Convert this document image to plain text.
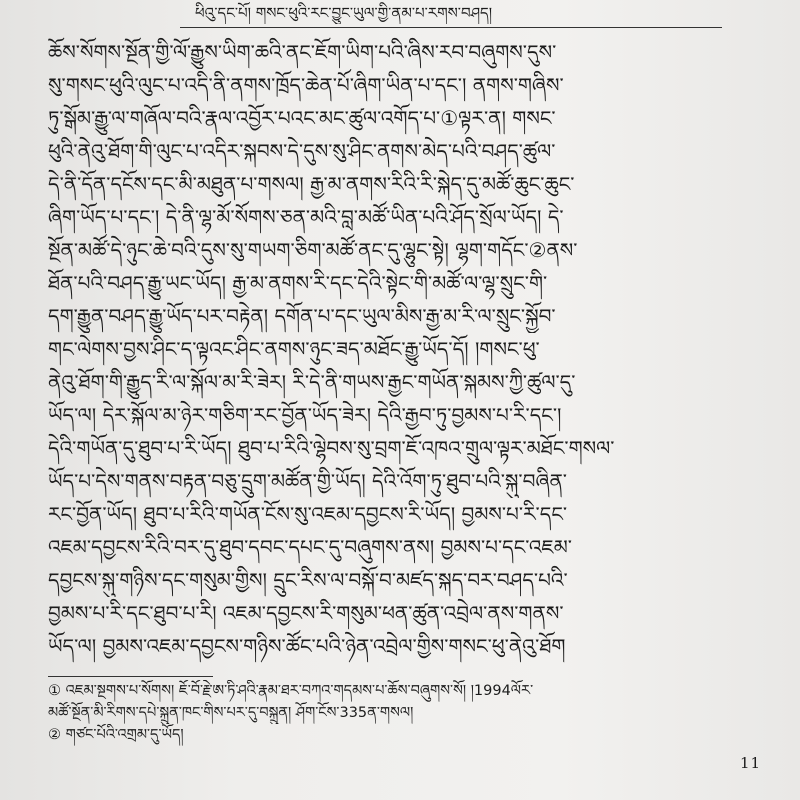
ཕིའུ་དང་པོ། གསང་ཕུའི་རང་བྱུང་ཡུལ་གྱི་ནམ་པ་རགས་བཤད།
ཆོས་སོགས་སྔོན་གྱི་ལོ་རྒྱུས་ཡིག་ཆའི་ནང་ཇོག་ཡིག་པའི་ཞིས་རབ་བཞུགས་དུས་
སུ་གསང་ཕུའི་ལུང་པ་འདི་ནི་ནགས་ཁྲོད་ཆེན་པོ་ཞིག་ཡིན་པ་དང་། ནགས་གཞིས་
ཏུ་སྒོམ་རྒྱུ་ལ་གཞོལ་བའི་རྣལ་འབྱོར་པའང་མང་ཚུལ་འགོད་པ་①ལྟར་ན། གསང་
ཕུའི་ནེའུ་ཐོག་གི་ལུང་པ་འདིར་སྐབས་དེ་དུས་སུ་ཤིང་ནགས་མེད་པའི་བཤད་ཚུལ་
དེ་ནི་དོན་དངོས་དང་མི་མཐུན་པ་གསལ། རྒྱ་མ་ནགས་རིའི་རི་སྐེད་དུ་མཚོ་ཆུང་ཆུང་
ཞིག་ཡོད་པ་དང་། དེ་ནི་ལྷ་མོ་སོགས་ཅན་མའི་བླ་མཚོ་ཡིན་པའི་ཤོད་སྲོལ་ཡོད། དེ་
སྔོན་མཚོ་དེ་ཉུང་ཆེ་བའི་དུས་སུ་གཡག་ཅིག་མཚོ་ནང་དུ་ལྷུང་སྟེ། ལྷག་གདོང་②ནས་
ཐོན་པའི་བཤད་རྒྱུ་ཡང་ཡོད། རྒྱ་མ་ནགས་རི་དང་དེའི་སྟེང་གི་མཚོ་ལ་ལྷ་སྲུང་གི་
དག་རྒྱུན་བཤད་རྒྱུ་ཡོད་པར་བརྟེན། དགོན་པ་དང་ཡུལ་མིས་རྒྱ་མ་རི་ལ་སྲུང་སྐྱོབ་
གང་ལེགས་བྱས་ཤིང་ད་ལྟའང་ཤིང་ནགས་ཉུང་ཟད་མཐོང་རྒྱུ་ཡོད་དོ། །གསང་ཕུ་
ནེའུ་ཐོག་གི་རྒྱུད་རི་ལ་སྐོལ་མ་རི་ཟེར། རི་དེ་ནི་གཡས་རྒྱང་གཡོན་སྐམས་ཀྱི་ཚུལ་དུ་
ཡོད་ལ། དེར་སྐོལ་མ་ཉེར་གཅིག་རང་བྱོན་ཡོད་ཟེར། དེའི་རྒྱབ་ཏུ་བྱམས་པ་རི་དང་།
དེའི་གཡོན་དུ་ཐུབ་པ་རི་ཡོད། ཐུབ་པ་རིའི་ལྷེབས་སུ་བྲག་ཇོ་འཁའ་གྲུལ་ལྟར་མཐོང་གསལ་
ཡོད་པ་དེས་གནས་བརྟན་བཅུ་དྲུག་མཚོན་གྱི་ཡོད། དེའི་འོག་ཏུ་ཐུབ་པའི་སྐུ་བཞིན་
རང་བྱོན་ཡོད། ཐུབ་པ་རིའི་གཡོན་ངོས་སུ་འཇམ་དབྱངས་རི་ཡོད། བྱམས་པ་རི་དང་
འཇམ་དབྱངས་རིའི་བར་དུ་ཐུབ་དབང་དཔང་དུ་བཞུགས་ནས། བྱམས་པ་དང་འཇམ་
དབྱངས་སྐུ་གཉིས་དང་གསུམ་གྱིས། དྲུང་རིས་ལ་བསྐོ་བ་མཛད་སྐད་བར་བཤད་པའི་
བྱམས་པ་རི་དང་ཐུབ་པ་རི། འཇམ་དབྱངས་རི་གསུམ་ཕན་ཚུན་འབྲེལ་ནས་གནས་
ཡོད་ལ། བྱམས་འཇམ་དབྱངས་གཉིས་ཚོང་པའི་ཉེན་འབྲེལ་གྱིས་གསང་ཕུ་ནེའུ་ཐོག
① འཇམ་སྔགས་པ་སོགས། ཇོ་བོ་རྗེ་ཨ་ཏི་ཤའི་རྣམ་ཐར་བཀའ་གདམས་པ་ཆོས་བཞུགས་སོ། །1994ལོར་
མཚོ་སྔོན་མི་རིགས་དཔེ་སྐྲུན་ཁང་གིས་པར་དུ་བསྐྲུན། ཤོག་ངོས་335ན་གསལ།
② གཙང་པོའི་འགྲམ་དུ་ཡོད།
11
